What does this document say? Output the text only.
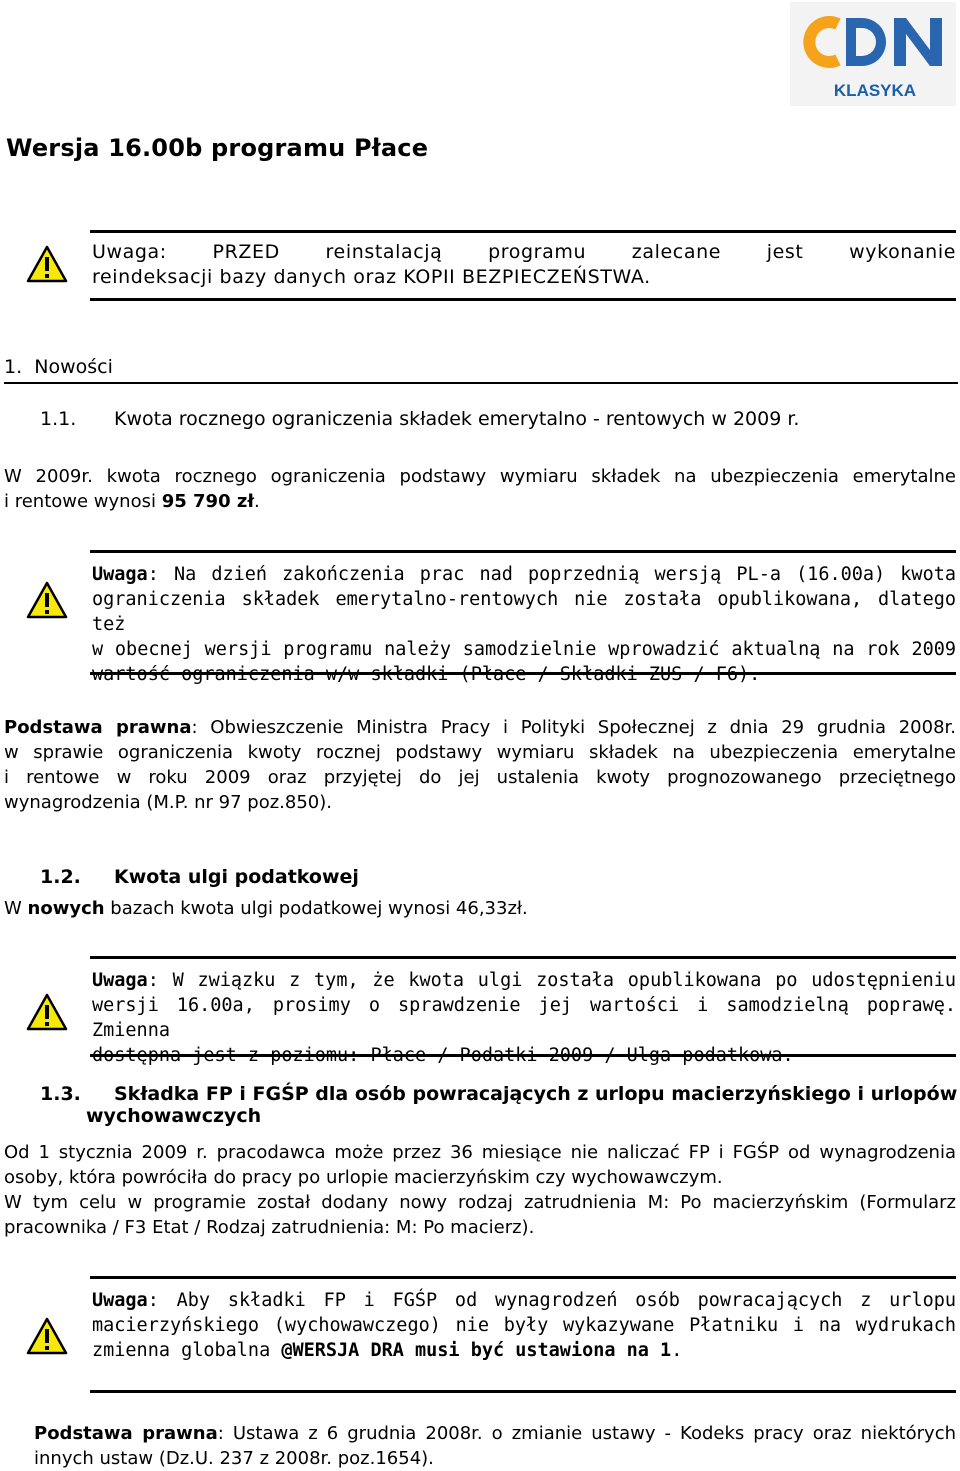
KLASYKA
Wersja 16.00b programu Płace
Uwaga: PRZED reinstalacją programu zalecane jest wykonanie
reindeksacji bazy danych oraz KOPII BEZPIECZEŃSTWA.
1. Nowości
1.1. Kwota rocznego ograniczenia składek emerytalno - rentowych w 2009 r.
W 2009r. kwota rocznego ograniczenia podstawy wymiaru składek na ubezpieczenia emerytalne
i rentowe wynosi 95 790 zł.
Uwaga: Na dzień zakończenia prac nad poprzednią wersją PL-a (16.00a) kwota
ograniczenia składek emerytalno-rentowych nie została opublikowana, dlatego też
w obecnej wersji programu należy samodzielnie wprowadzić aktualną na rok 2009
wartość ograniczenia w/w składki (Płace / Składki ZUS / F6).
Podstawa prawna: Obwieszczenie Ministra Pracy i Polityki Społecznej z dnia 29 grudnia 2008r.
w sprawie ograniczenia kwoty rocznej podstawy wymiaru składek na ubezpieczenia emerytalne
i rentowe w roku 2009 oraz przyjętej do jej ustalenia kwoty prognozowanego przeciętnego
wynagrodzenia (M.P. nr 97 poz.850).
1.2. Kwota ulgi podatkowej
W nowych bazach kwota ulgi podatkowej wynosi 46,33zł.
Uwaga: W związku z tym, że kwota ulgi została opublikowana po udostępnieniu
wersji 16.00a, prosimy o sprawdzenie jej wartości i samodzielną poprawę. Zmienna
dostępna jest z poziomu: Płace / Podatki 2009 / Ulga podatkowa.
1.3.	Składka FP i FGŚP dla osób powracających z urlopu macierzyńskiego i urlopów
wychowawczych
Od 1 stycznia 2009 r. pracodawca może przez 36 miesiące nie naliczać FP i FGŚP od wynagrodzenia
osoby, która powróciła do pracy po urlopie macierzyńskim czy wychowawczym.
W tym celu w programie został dodany nowy rodzaj zatrudnienia M: Po macierzyńskim (Formularz
pracownika / F3 Etat / Rodzaj zatrudnienia: M: Po macierz).
Uwaga: Aby składki FP i FGŚP od wynagrodzeń osób powracających z urlopu
macierzyńskiego (wychowawczego) nie były wykazywane Płatniku i na wydrukach
zmienna globalna @WERSJA DRA musi być ustawiona na 1.
Podstawa prawna: Ustawa z 6 grudnia 2008r. o zmianie ustawy - Kodeks pracy oraz niektórych
innych ustaw (Dz.U. 237 z 2008r. poz.1654).
